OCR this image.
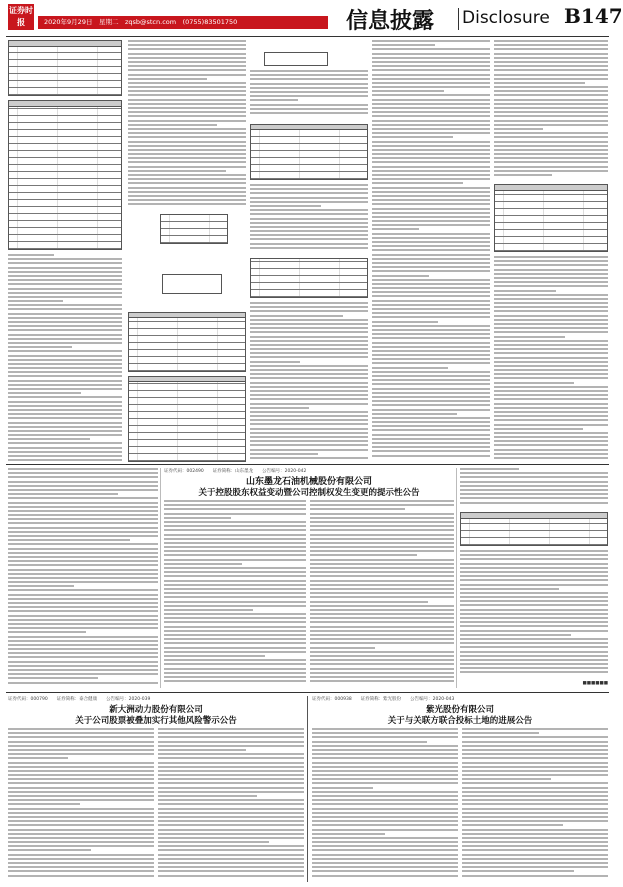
证券时报	2020年9月29日　星期二　zqsb@stcn.com　(0755)83501750	信息披露 Disclosure B147
证券代码：002490　　证券简称：山东墨龙　　公告编号：2020-042
山东墨龙石油机械股份有限公司
关于控股股东权益变动暨公司控制权发生变更的提示性公告
■■■■■■
证券代码：000790　　证券简称：泰合健康　　公告编号：2020-039
新大洲动力股份有限公司
关于公司股票被叠加实行其他风险警示公告
证券代码：000938　　证券简称：紫光股份　　公告编号：2020-043
紫光股份有限公司
关于与关联方联合投标土地的进展公告
